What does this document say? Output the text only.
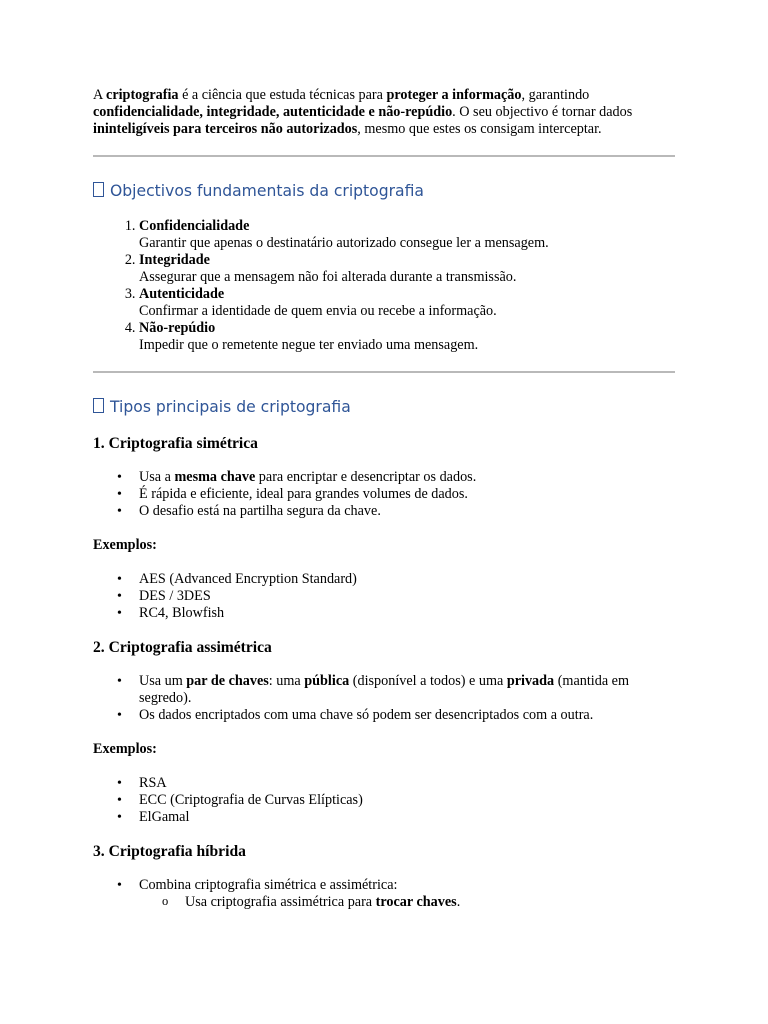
A criptografia é a ciência que estuda técnicas para proteger a informação, garantindo confidencialidade, integridade, autenticidade e não-repúdio. O seu objectivo é tornar dados ininteligíveis para terceiros não autorizados, mesmo que estes os consigam interceptar.

Objectivos fundamentais da criptografia
1. Confidencialidade
Garantir que apenas o destinatário autorizado consegue ler a mensagem.
2. Integridade
Assegurar que a mensagem não foi alterada durante a transmissão.
3. Autenticidade
Confirmar a identidade de quem envia ou recebe a informação.
4. Não-repúdio
Impedir que o remetente negue ter enviado uma mensagem.
Tipos principais de criptografia
1. Criptografia simétrica
• Usa a mesma chave para encriptar e desencriptar os dados.
• É rápida e eficiente, ideal para grandes volumes de dados.
• O desafio está na partilha segura da chave.

Exemplos:

• AES (Advanced Encryption Standard)
• DES / 3DES
• RC4, Blowfish
2. Criptografia assimétrica
• Usa um par de chaves: uma pública (disponível a todos) e uma privada (mantida em segredo).
• Os dados encriptados com uma chave só podem ser desencriptados com a outra.

Exemplos:

• RSA
• ECC (Criptografia de Curvas Elípticas)
• ElGamal
3. Criptografia híbrida
• Combina criptografia simétrica e assimétrica:
o Usa criptografia assimétrica para trocar chaves.
